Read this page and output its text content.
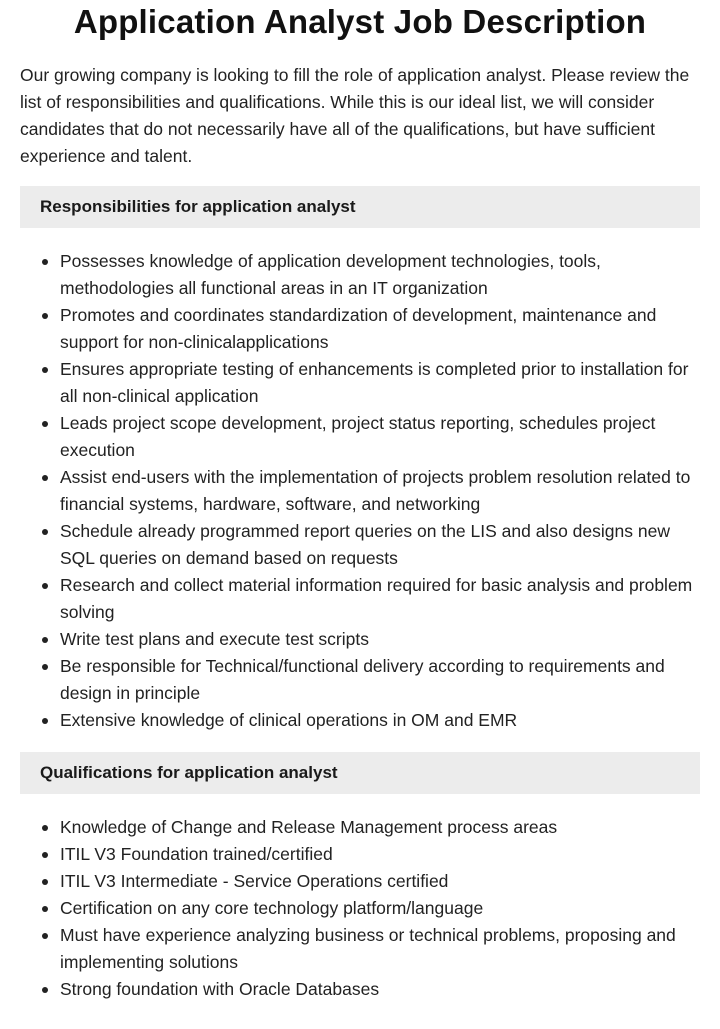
Application Analyst Job Description

Our growing company is looking to fill the role of application analyst. Please review the list of responsibilities and qualifications. While this is our ideal list, we will consider candidates that do not necessarily have all of the qualifications, but have sufficient experience and talent.

Responsibilities for application analyst
Possesses knowledge of application development technologies, tools, methodologies all functional areas in an IT organization
Promotes and coordinates standardization of development, maintenance and support for non-clinicalapplications
Ensures appropriate testing of enhancements is completed prior to installation for all non-clinical application
Leads project scope development, project status reporting, schedules project execution
Assist end-users with the implementation of projects problem resolution related to financial systems, hardware, software, and networking
Schedule already programmed report queries on the LIS and also designs new SQL queries on demand based on requests
Research and collect material information required for basic analysis and problem solving
Write test plans and execute test scripts
Be responsible for Technical/functional delivery according to requirements and design in principle
Extensive knowledge of clinical operations in OM and EMR
Qualifications for application analyst
Knowledge of Change and Release Management process areas
ITIL V3 Foundation trained/certified
ITIL V3 Intermediate - Service Operations certified
Certification on any core technology platform/language
Must have experience analyzing business or technical problems, proposing and implementing solutions
Strong foundation with Oracle Databases
